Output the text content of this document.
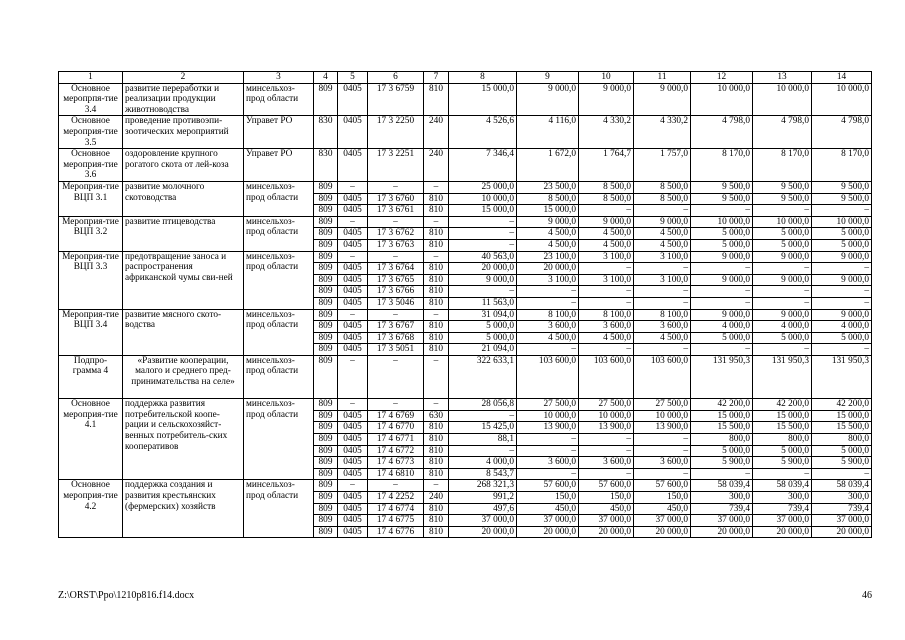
1	2	3	4	5	6	7	8	9	10	11	12	13	14
Основное меропрпя-тие 3.4	развитие переработки и реализации продукции животноводства	минсельхоз-прод области	809	0405	17 3 6759	810	15 000,0	9 000,0	9 000,0	9 000,0	10 000,0	10 000,0	10 000,0
Основное мероприя-тие 3.5	проведение противоэпи-зоотических мероприятий	Управет РО	830	0405	17 3 2250	240	4 526,6	4 116,0	4 330,2	4 330,2	4 798,0	4 798,0	4 798,0
Основное мероприя-тие 3.6	оздоровление крупного рогатого скота от лей-коза	Управет РО	830	0405	17 3 2251	240	7 346,4	1 672,0	1 764,7	1 757,0	8 170,0	8 170,0	8 170,0
Мероприя-тие ВЦП 3.1	развитие молочного скотоводства	минсельхоз-прод области	809	–	–	–	25 000,0	23 500,0	8 500,0	8 500,0	9 500,0	9 500,0	9 500,0
			809	0405	17 3 6760	810	10 000,0	8 500,0	8 500,0	8 500,0	9 500,0	9 500,0	9 500,0
			809	0405	17 3 6761	810	15 000,0	15 000,0	–	–	–	–	–
Мероприя-тие ВЦП 3.2	развитие птицеводства	минсельхоз-прод области	809	–	–	–	–	9 000,0	9 000,0	9 000,0	10 000,0	10 000,0	10 000,0
			809	0405	17 3 6762	810	–	4 500,0	4 500,0	4 500,0	5 000,0	5 000,0	5 000,0
			809	0405	17 3 6763	810	–	4 500,0	4 500,0	4 500,0	5 000,0	5 000,0	5 000,0
Мероприя-тие ВЦП 3.3	предотвращение заноса и распространения африканской чумы сви-ней	минсельхоз-прод области	809	–	–	–	40 563,0	23 100,0	3 100,0	3 100,0	9 000,0	9 000,0	9 000,0
			809	0405	17 3 6764	810	20 000,0	20 000,0	–	–	–	–	–
			809	0405	17 3 6765	810	9 000,0	3 100,0	3 100,0	3 100,0	9 000,0	9 000,0	9 000,0
			809	0405	17 3 6766	810	–	–	–	–	–	–	–
			809	0405	17 3 5046	810	11 563,0	–	–	–	–	–	–
Мероприя-тие ВЦП 3.4	развитие мясного ското-водства	минсельхоз-прод области	809	–	–	–	31 094,0	8 100,0	8 100,0	8 100,0	9 000,0	9 000,0	9 000,0
			809	0405	17 3 6767	810	5 000,0	3 600,0	3 600,0	3 600,0	4 000,0	4 000,0	4 000,0
			809	0405	17 3 6768	810	5 000,0	4 500,0	4 500,0	4 500,0	5 000,0	5 000,0	5 000,0
			809	0405	17 3 5051	810	21 094,0	–	–	–	–	–	–
Подпро-грамма 4	«Развитие кооперации, малого и среднего пред-принимательства на селе»	минсельхоз-прод области	809	–	–	–	322 633,1	103 600,0	103 600,0	103 600,0	131 950,3	131 950,3	131 950,3
Основное мероприя-тие 4.1	поддержка развития потребительской коопе-рации и сельскохозяйст-венных потребитель-ских кооперативов	минсельхоз-прод области	809	–	–	–	28 056,8	27 500,0	27 500,0	27 500,0	42 200,0	42 200,0	42 200,0
			809	0405	17 4 6769	630	–	10 000,0	10 000,0	10 000,0	15 000,0	15 000,0	15 000,0
			809	0405	17 4 6770	810	15 425,0	13 900,0	13 900,0	13 900,0	15 500,0	15 500,0	15 500,0
			809	0405	17 4 6771	810	88,1	–	–	–	800,0	800,0	800,0
			809	0405	17 4 6772	810	–	–	–	–	5 000,0	5 000,0	5 000,0
			809	0405	17 4 6773	810	4 000,0	3 600,0	3 600,0	3 600,0	5 900,0	5 900,0	5 900,0
			809	0405	17 4 6810	810	8 543,7	–	–	–	–	–	–
Основное мероприя-тие 4.2	поддержка создания и развития крестьянских (фермерских) хозяйств	минсельхоз-прод области	809	–	–	–	268 321,3	57 600,0	57 600,0	57 600,0	58 039,4	58 039,4	58 039,4
			809	0405	17 4 2252	240	991,2	150,0	150,0	150,0	300,0	300,0	300,0
			809	0405	17 4 6774	810	497,6	450,0	450,0	450,0	739,4	739,4	739,4
			809	0405	17 4 6775	810	37 000,0	37 000,0	37 000,0	37 000,0	37 000,0	37 000,0	37 000,0
			809	0405	17 4 6776	810	20 000,0	20 000,0	20 000,0	20 000,0	20 000,0	20 000,0	20 000,0
Z:\ORST\Ppo\1210p816.f14.docx	46
